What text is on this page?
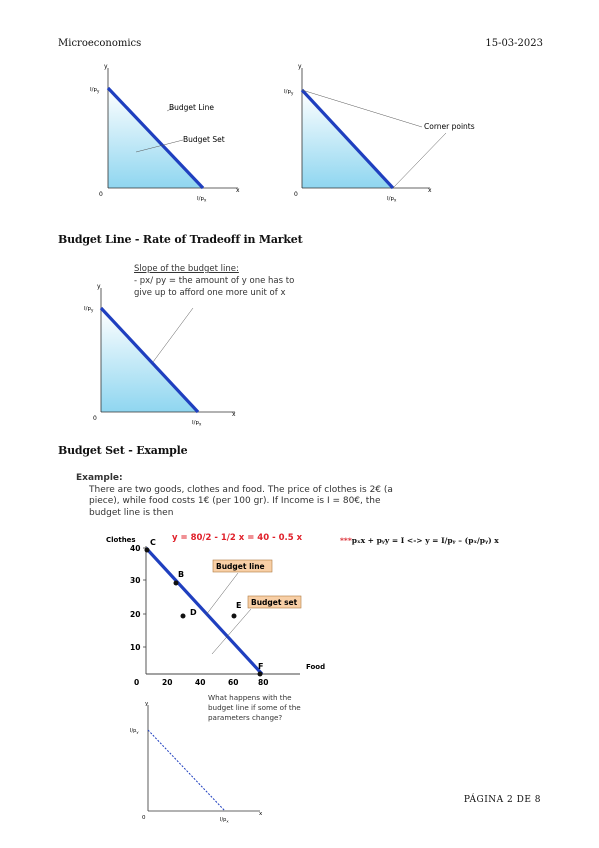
Microeconomics	15-03-2023
y
x
0
$I/p_y$
$I/p_x$
Budget Line
Budget Set
y
x
0
$I/p_y$
$I/p_x$
Corner points
Budget Line - Rate of Tradeoff in Market
Slope of the budget line:
- px/ py = the amount of y one has to give up to afford one more unit of x
y
x
0
$I/p_y$
$I/p_x$
Budget Set - Example
Example:
There are two goods, clothes and food. The price of clothes is 2€ (a piece), while food costs 1€ (per 100 gr). If Income is I = 80€, the budget line is then
y = 80/2 - 1/2 x = 40 - 0.5 x
Clothes
40
30
20
10
0	20	40	60	80
Food
C
B
D
E
F
Budget line
Budget set
***pₓx + pᵧy = I <-> y = I/pᵧ – (pₓ/pᵧ) x
y
x
0
$I/p_y$
$I/p_x$
What happens with the budget line if some of the parameters change?
PÁGINA 2 DE 8
